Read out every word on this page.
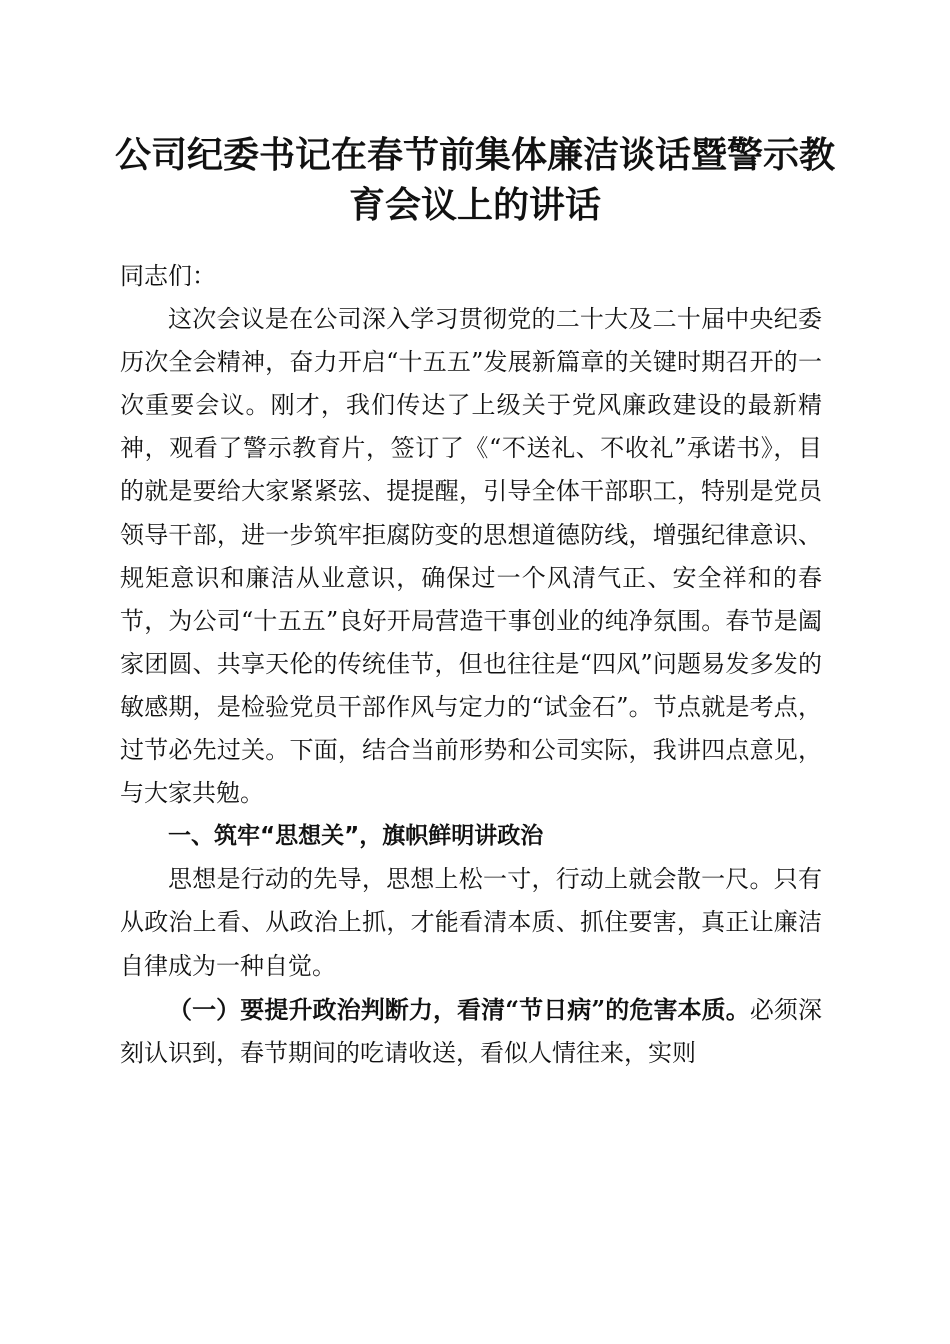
公司纪委书记在春节前集体廉洁谈话暨警示教
育会议上的讲话

同志们：

这次会议是在公司深入学习贯彻党的二十大及二十届中央纪委历次全会精神，奋力开启“十五五”发展新篇章的关键时期召开的一次重要会议。刚才，我们传达了上级关于党风廉政建设的最新精神，观看了警示教育片，签订了《“不送礼、不收礼”承诺书》，目的就是要给大家紧紧弦、提提醒，引导全体干部职工，特别是党员领导干部，进一步筑牢拒腐防变的思想道德防线，增强纪律意识、规矩意识和廉洁从业意识，确保过一个风清气正、安全祥和的春节，为公司“十五五”良好开局营造干事创业的纯净氛围。春节是阖家团圆、共享天伦的传统佳节，但也往往是“四风”问题易发多发的敏感期，是检验党员干部作风与定力的“试金石”。节点就是考点，过节必先过关。下面，结合当前形势和公司实际，我讲四点意见，与大家共勉。

一、筑牢“思想关”，旗帜鲜明讲政治

思想是行动的先导，思想上松一寸，行动上就会散一尺。只有从政治上看、从政治上抓，才能看清本质、抓住要害，真正让廉洁自律成为一种自觉。

（一）要提升政治判断力，看清“节日病”的危害本质。必须深刻认识到，春节期间的吃请收送，看似人情往来，实则
